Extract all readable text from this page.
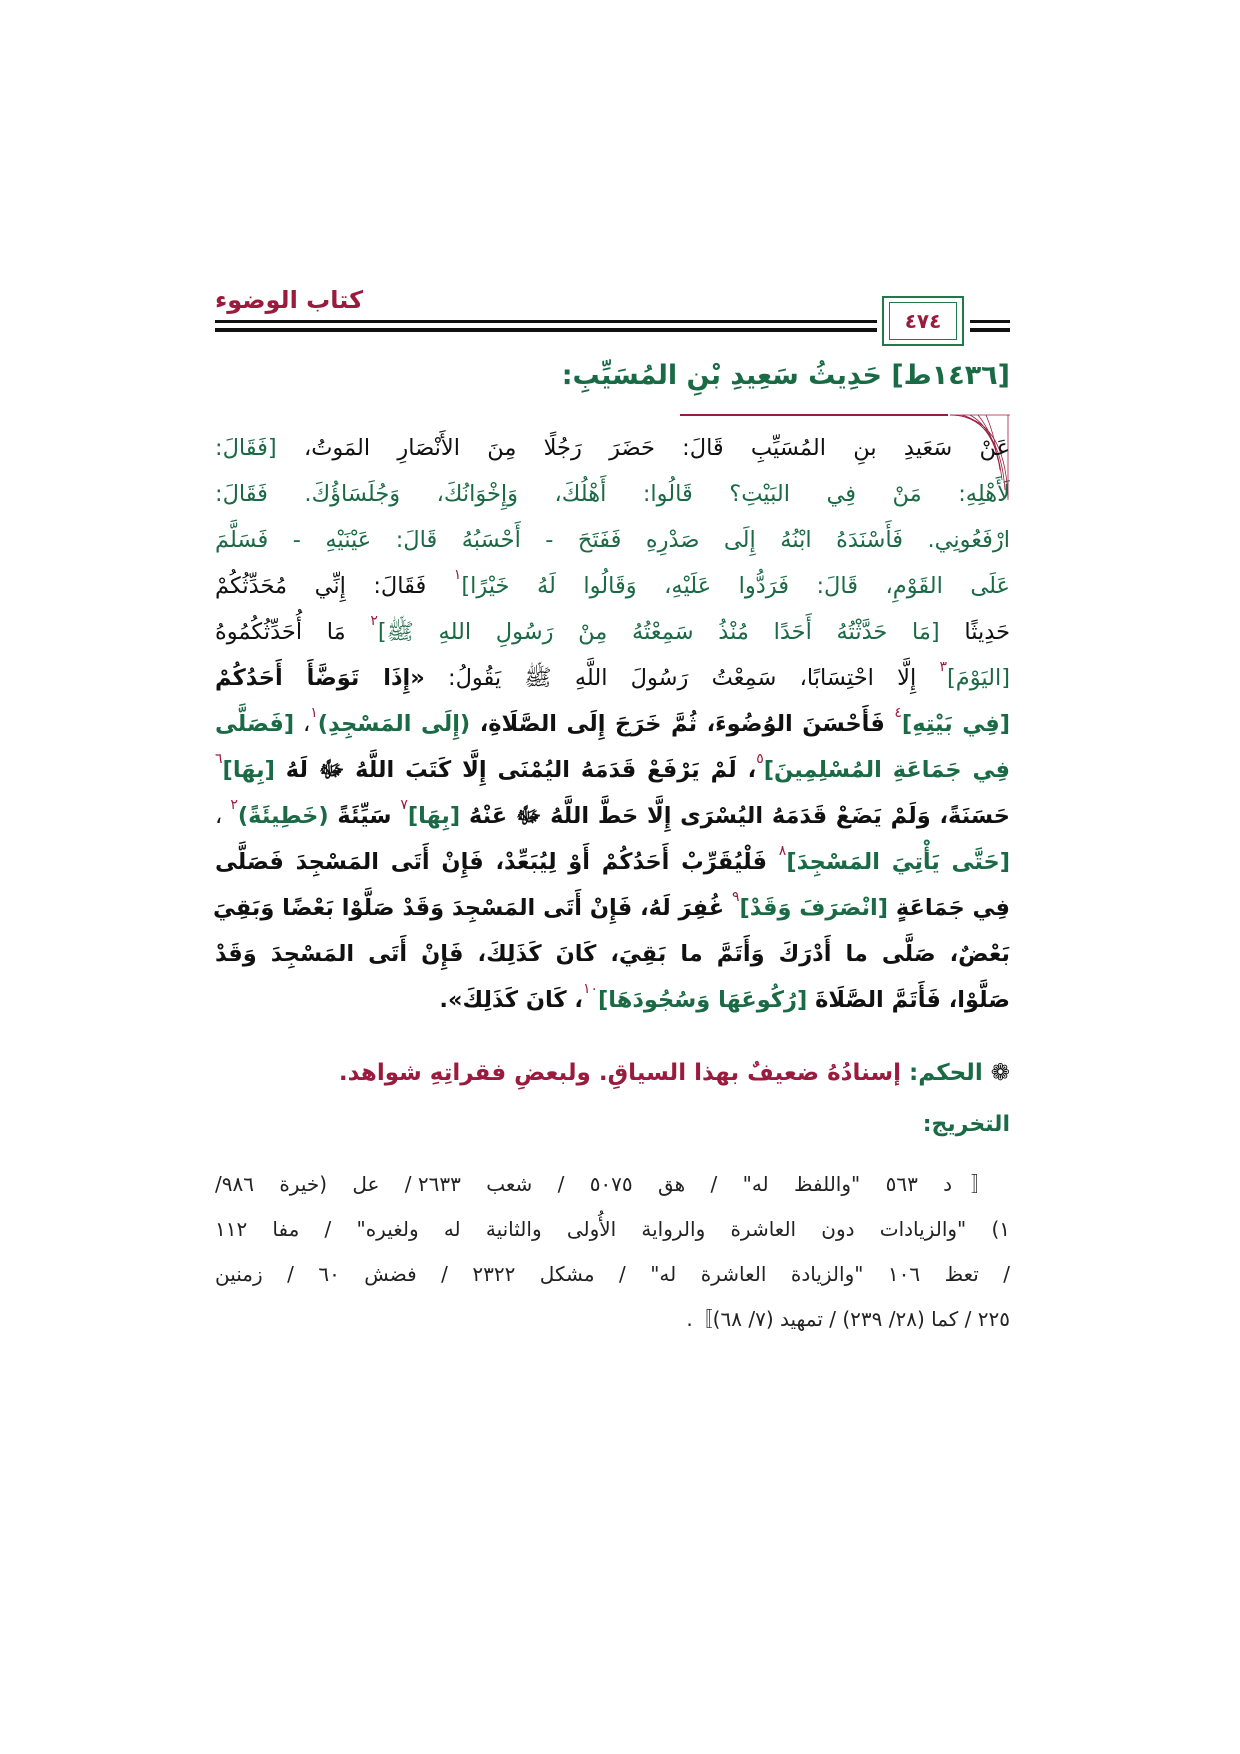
كتاب الوضوء
٤٧٤
[١٤٣٦ط] حَدِيثُ سَعِيدِ بْنِ المُسَيِّبِ:
عَنْ سَعَيدِ بنِ المُسَيِّبِ قَالَ: حَضَرَ رَجُلًا مِنَ الأَنْصَارِ المَوتُ، [فَقَالَ:
لَأَهْلِهِ: مَنْ فِي البَيْتِ؟ قَالُوا: أَهْلُكَ، وَإِخْوَانُكَ، وَجُلَسَاؤُكَ. فَقَالَ:
ارْفَعُونِي. فَأَسْنَدَهُ ابْنُهُ إِلَى صَدْرِهِ فَفَتَحَ - أَحْسَبُهُ قَالَ: عَيْنَيْهِ - فَسَلَّمَ
عَلَى القَوْمِ، قَالَ: فَرَدُّوا عَلَيْهِ، وَقَالُوا لَهُ خَيْرًا]$^١$ فَقَالَ: إِنِّي مُحَدِّثُكُمْ
حَدِيثًا [مَا حَدَّثْتُهُ أَحَدًا مُنْذُ سَمِعْتُهُ مِنْ رَسُولِ اللهِ ﷺ]$^٢$ مَا أُحَدِّثُكُمُوهُ
[اليَوْمَ]$^٣$ إِلَّا احْتِسَابًا، سَمِعْتُ رَسُولَ اللَّهِ ﷺ يَقُولُ: «إِذَا تَوَضَّأَ أَحَدُكُمْ
[فِي بَيْتِهِ]$^٤$ فَأَحْسَنَ الوُضُوءَ، ثُمَّ خَرَجَ إِلَى الصَّلَاةِ، (إِلَى المَسْجِدِ)$^١$، [فَصَلَّى
فِي جَمَاعَةِ المُسْلِمِينَ]$^٥$، لَمْ يَرْفَعْ قَدَمَهُ اليُمْنَى إِلَّا كَتَبَ اللَّهُ ﷻ لَهُ [بِهَا]$^٦$
حَسَنَةً، وَلَمْ يَضَعْ قَدَمَهُ اليُسْرَى إِلَّا حَطَّ اللَّهُ ﷻ عَنْهُ [بِهَا]$^٧$ سَيِّئَةً (خَطِيئَةً)$^٢$ ،
[حَتَّى يَأْتِيَ المَسْجِدَ]$^٨$ فَلْيُقَرِّبْ أَحَدُكُمْ أَوْ لِيُبَعِّدْ، فَإِنْ أَتَى المَسْجِدَ فَصَلَّى
فِي جَمَاعَةٍ [انْصَرَفَ وَقَدْ]$^٩$ غُفِرَ لَهُ، فَإِنْ أَتَى المَسْجِدَ وَقَدْ صَلَّوْا بَعْضًا وَبَقِيَ
بَعْضٌ، صَلَّى ما أَدْرَكَ وَأَتَمَّ ما بَقِيَ، كَانَ كَذَلِكَ، فَإِنْ أَتَى المَسْجِدَ وَقَدْ
صَلَّوْا، فَأَتَمَّ الصَّلَاةَ [رُكُوعَهَا وَسُجُودَهَا]$^{١٠}$، كَانَ كَذَلِكَ».
❁ الحكم: إسنادُهُ ضعيفٌ بهذا السياقِ. ولبعضِ فقراتِهِ شواهد.
التخريج:
〚د ٥٦٣ "واللفظ له" / هق ٥٠٧٥ / شعب ٢٦٣٣ / عل (خيرة ٩٨٦/
١) "والزيادات دون العاشرة والرواية الأُولى والثانية له ولغيره" / مفا ١١٢
/ تعظ ١٠٦ "والزيادة العاشرة له" / مشكل ٢٣٢٢ / فضش ٦٠ / زمنين
٢٢٥ / كما (٢٨/ ٢٣٩) / تمهيد (٧/ ٦٨)〛.
